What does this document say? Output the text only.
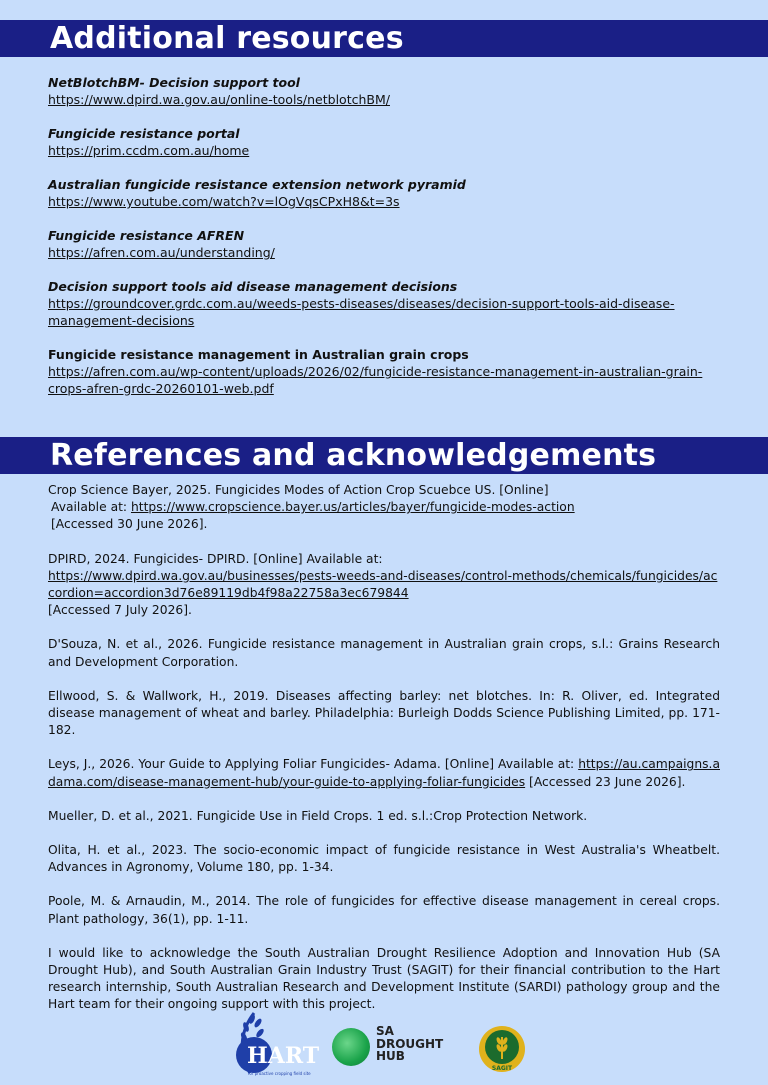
Additional resources
NetBlotchBM- Decision support tool
https://www.dpird.wa.gov.au/online-tools/netblotchBM/
Fungicide resistance portal
https://prim.ccdm.com.au/home
Australian fungicide resistance extension network pyramid
https://www.youtube.com/watch?v=lOgVqsCPxH8&t=3s
Fungicide resistance AFREN
https://afren.com.au/understanding/
Decision support tools aid disease management decisions
https://groundcover.grdc.com.au/weeds-pests-diseases/diseases/decision-support-tools-aid-disease-management-decisions
Fungicide resistance management in Australian grain crops
https://afren.com.au/wp-content/uploads/2026/02/fungicide-resistance-management-in-australian-grain-crops-afren-grdc-20260101-web.pdf
References and acknowledgements
Crop Science Bayer, 2025. Fungicides Modes of Action Crop Scuebce US. [Online]
Available at: https://www.cropscience.bayer.us/articles/bayer/fungicide-modes-action
[Accessed 30 June 2026].
DPIRD, 2024. Fungicides- DPIRD. [Online] Available at:
https://www.dpird.wa.gov.au/businesses/pests-weeds-and-diseases/control-methods/chemicals/fungicides/accordion=accordion3d76e89119db4f98a22758a3ec679844
[Accessed 7 July 2026].
D'Souza, N. et al., 2026. Fungicide resistance management in Australian grain crops, s.l.: Grains Research and Development Corporation.
Ellwood, S. & Wallwork, H., 2019. Diseases affecting barley: net blotches. In: R. Oliver, ed. Integrated disease management of wheat and barley. Philadelphia: Burleigh Dodds Science Publishing Limited, pp. 171-182.
Leys, J., 2026. Your Guide to Applying Foliar Fungicides- Adama. [Online] Available at: https://au.campaigns.adama.com/disease-management-hub/your-guide-to-applying-foliar-fungicides [Accessed 23 June 2026].
Mueller, D. et al., 2021. Fungicide Use in Field Crops. 1 ed. s.l.:Crop Protection Network.
Olita, H. et al., 2023. The socio-economic impact of fungicide resistance in West Australia's Wheatbelt. Advances in Agronomy, Volume 180, pp. 1-34.
Poole, M. & Arnaudin, M., 2014. The role of fungicides for effective disease management in cereal crops. Plant pathology, 36(1), pp. 1-11.
I would like to acknowledge the South Australian Drought Resilience Adoption and Innovation Hub (SA Drought Hub), and South Australian Grain Industry Trust (SAGIT) for their financial contribution to the Hart research internship, South Australian Research and Development Institute (SARDI) pathology group and the Hart team for their ongoing support with this project.
HART
for proactive cropping field site
SA
DROUGHT
HUB
SAGIT
